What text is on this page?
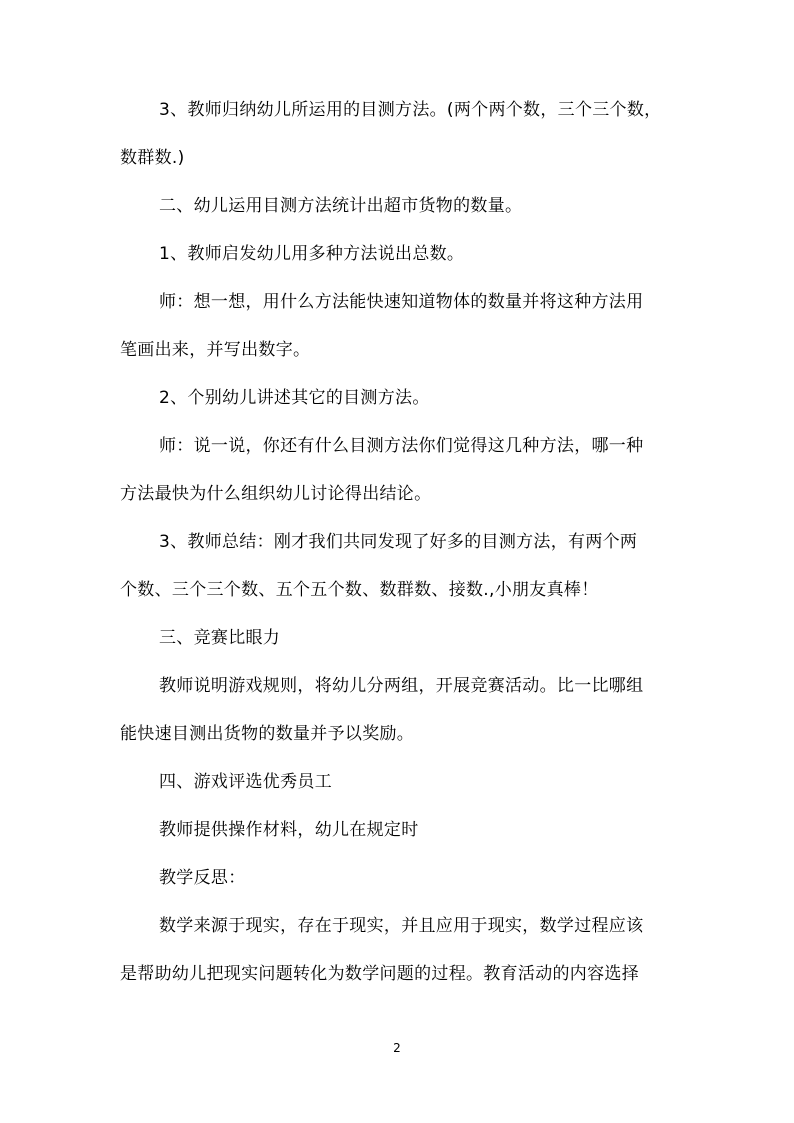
3、教师归纳幼儿所运用的目测方法。(两个两个数，三个三个数，
数群数.)
二、幼儿运用目测方法统计出超市货物的数量。
1、教师启发幼儿用多种方法说出总数。
师：想一想，用什么方法能快速知道物体的数量并将这种方法用
笔画出来，并写出数字。
2、个别幼儿讲述其它的目测方法。
师：说一说，你还有什么目测方法你们觉得这几种方法，哪一种
方法最快为什么组织幼儿讨论得出结论。
3、教师总结：刚才我们共同发现了好多的目测方法，有两个两
个数、三个三个数、五个五个数、数群数、接数.,小朋友真棒！
三、竞赛比眼力
教师说明游戏规则，将幼儿分两组，开展竞赛活动。比一比哪组
能快速目测出货物的数量并予以奖励。
四、游戏评选优秀员工
教师提供操作材料，幼儿在规定时
教学反思：
数学来源于现实，存在于现实，并且应用于现实，数学过程应该
是帮助幼儿把现实问题转化为数学问题的过程。教育活动的内容选择
2
